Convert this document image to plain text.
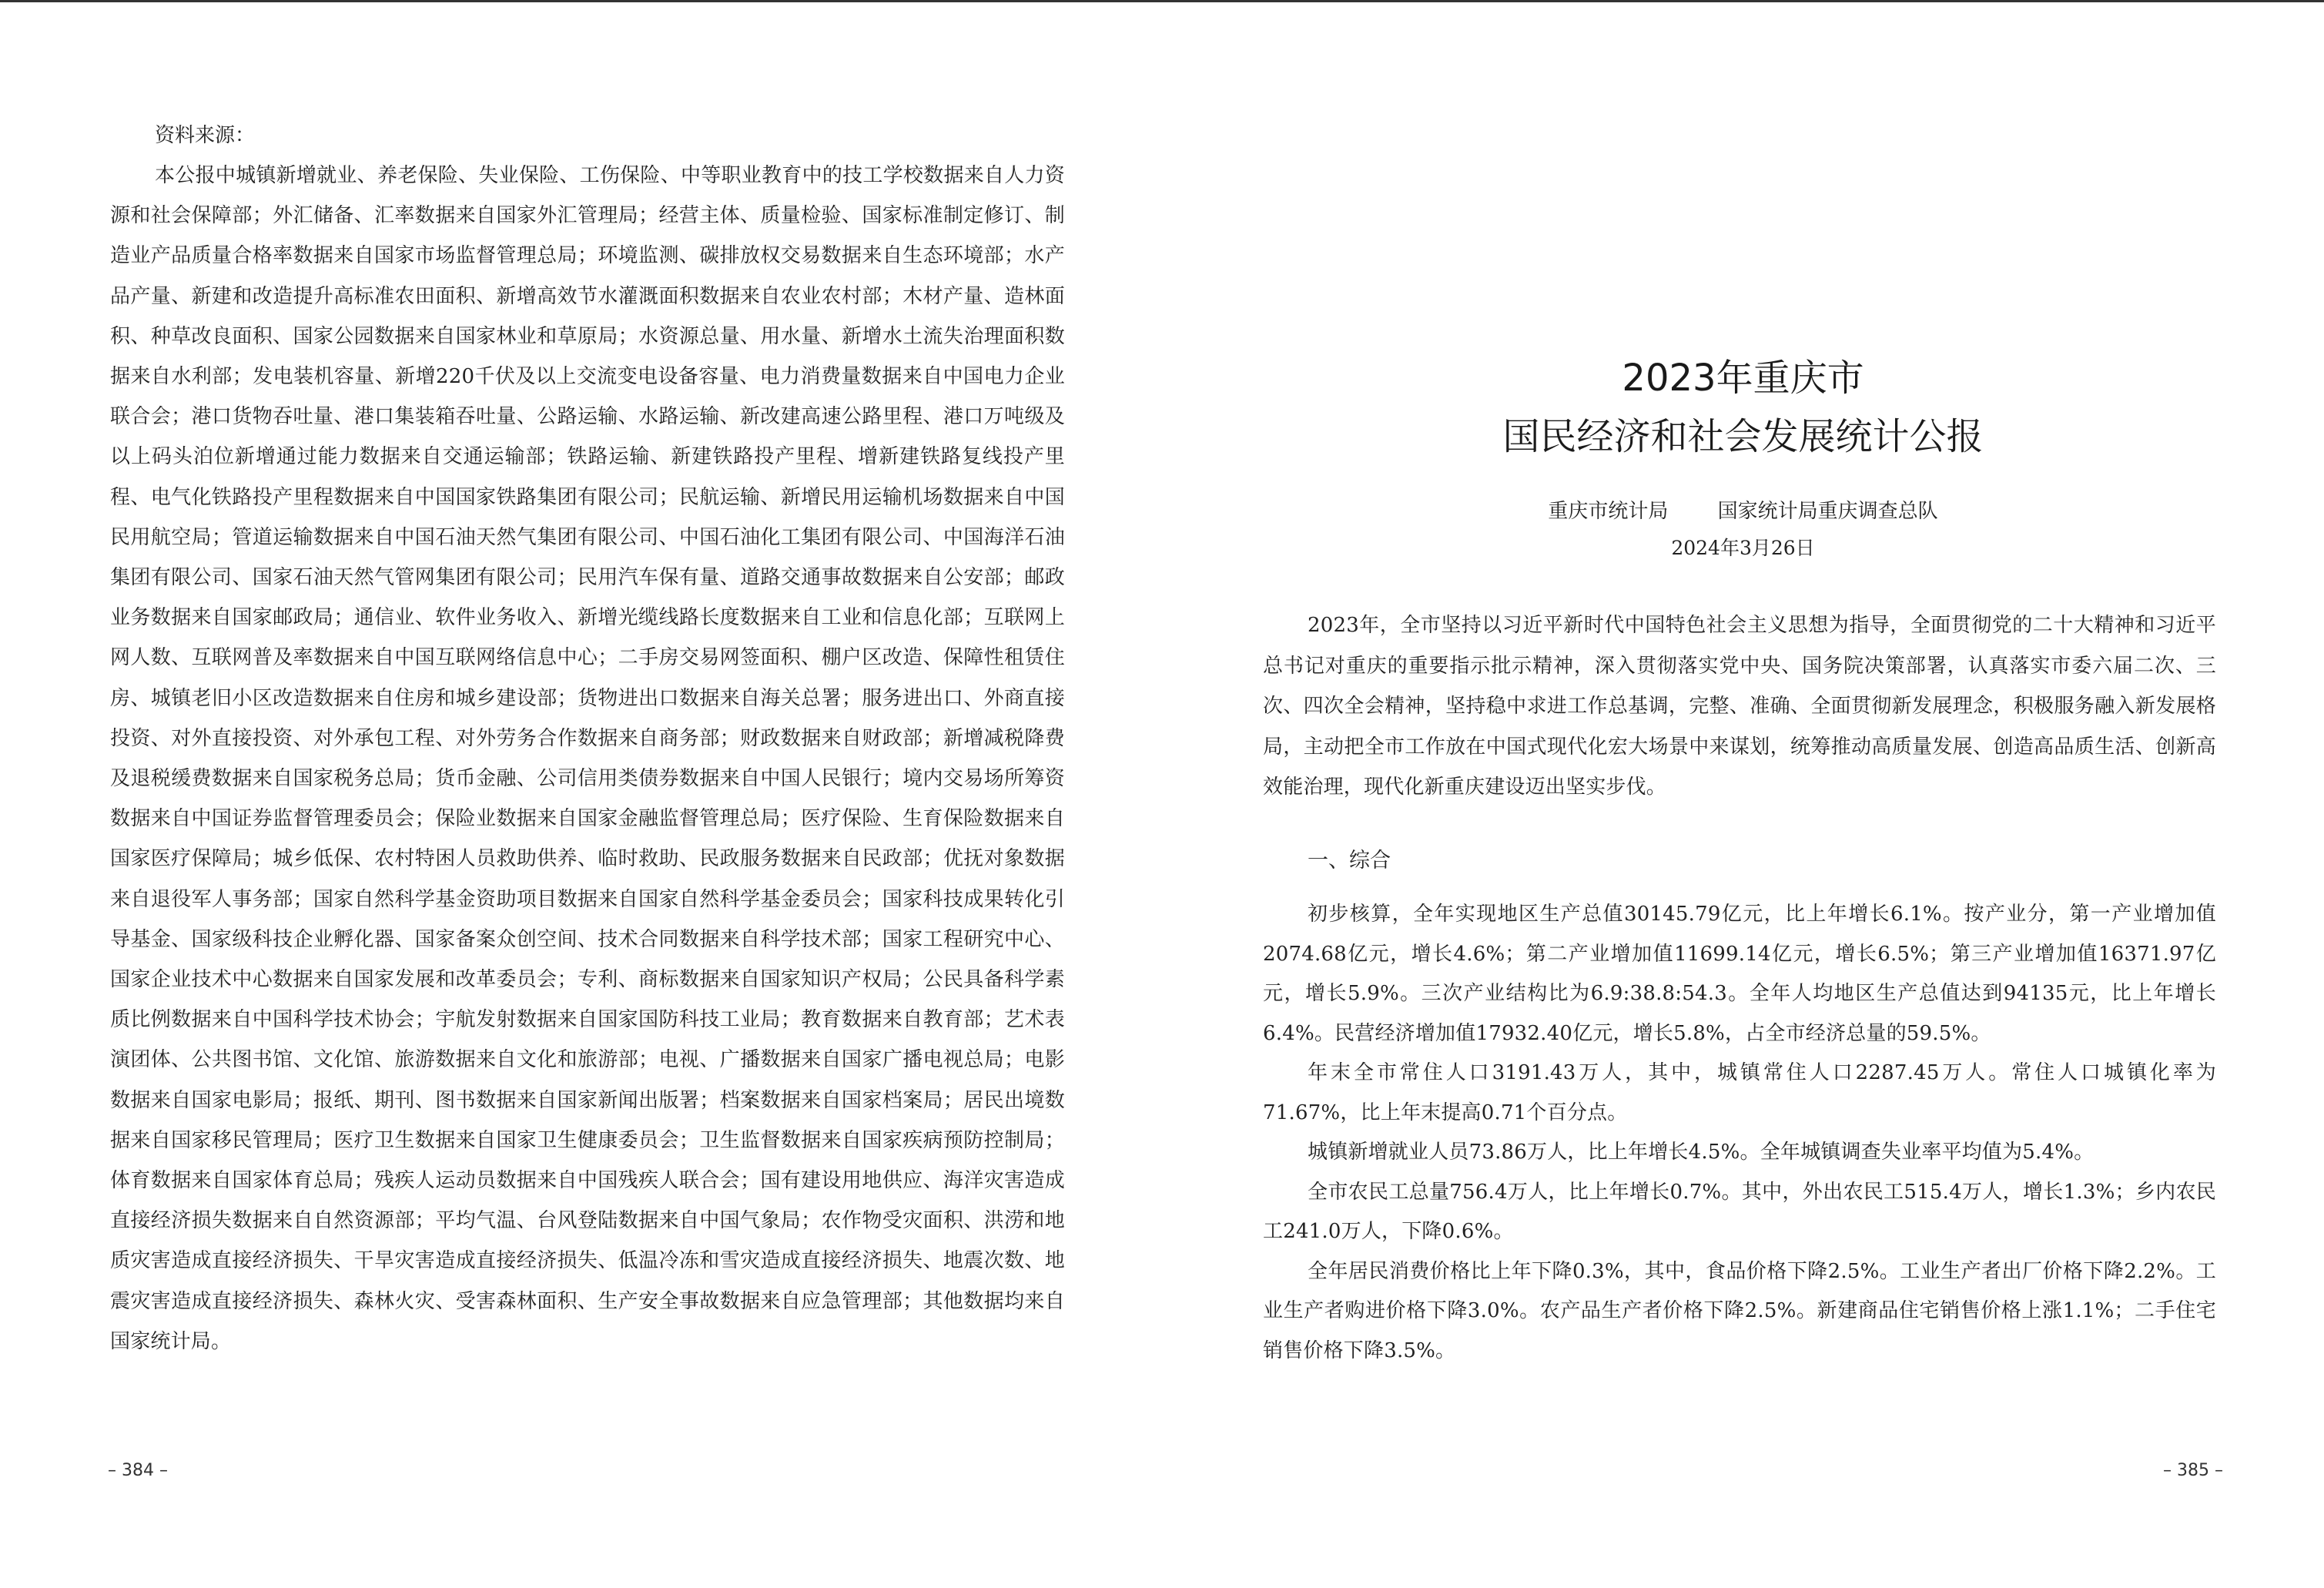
资料来源：

本公报中城镇新增就业、养老保险、失业保险、工伤保险、中等职业教育中的技工学校数据来自人力资源和社会保障部；外汇储备、汇率数据来自国家外汇管理局；经营主体、质量检验、国家标准制定修订、制造业产品质量合格率数据来自国家市场监督管理总局；环境监测、碳排放权交易数据来自生态环境部；水产品产量、新建和改造提升高标准农田面积、新增高效节水灌溉面积数据来自农业农村部；木材产量、造林面积、种草改良面积、国家公园数据来自国家林业和草原局；水资源总量、用水量、新增水土流失治理面积数据来自水利部；发电装机容量、新增220千伏及以上交流变电设备容量、电力消费量数据来自中国电力企业联合会；港口货物吞吐量、港口集装箱吞吐量、公路运输、水路运输、新改建高速公路里程、港口万吨级及以上码头泊位新增通过能力数据来自交通运输部；铁路运输、新建铁路投产里程、增新建铁路复线投产里程、电气化铁路投产里程数据来自中国国家铁路集团有限公司；民航运输、新增民用运输机场数据来自中国民用航空局；管道运输数据来自中国石油天然气集团有限公司、中国石油化工集团有限公司、中国海洋石油集团有限公司、国家石油天然气管网集团有限公司；民用汽车保有量、道路交通事故数据来自公安部；邮政业务数据来自国家邮政局；通信业、软件业务收入、新增光缆线路长度数据来自工业和信息化部；互联网上网人数、互联网普及率数据来自中国互联网络信息中心；二手房交易网签面积、棚户区改造、保障性租赁住房、城镇老旧小区改造数据来自住房和城乡建设部；货物进出口数据来自海关总署；服务进出口、外商直接投资、对外直接投资、对外承包工程、对外劳务合作数据来自商务部；财政数据来自财政部；新增减税降费及退税缓费数据来自国家税务总局；货币金融、公司信用类债券数据来自中国人民银行；境内交易场所筹资数据来自中国证券监督管理委员会；保险业数据来自国家金融监督管理总局；医疗保险、生育保险数据来自国家医疗保障局；城乡低保、农村特困人员救助供养、临时救助、民政服务数据来自民政部；优抚对象数据来自退役军人事务部；国家自然科学基金资助项目数据来自国家自然科学基金委员会；国家科技成果转化引导基金、国家级科技企业孵化器、国家备案众创空间、技术合同数据来自科学技术部；国家工程研究中心、国家企业技术中心数据来自国家发展和改革委员会；专利、商标数据来自国家知识产权局；公民具备科学素质比例数据来自中国科学技术协会；宇航发射数据来自国家国防科技工业局；教育数据来自教育部；艺术表演团体、公共图书馆、文化馆、旅游数据来自文化和旅游部；电视、广播数据来自国家广播电视总局；电影数据来自国家电影局；报纸、期刊、图书数据来自国家新闻出版署；档案数据来自国家档案局；居民出境数据来自国家移民管理局；医疗卫生数据来自国家卫生健康委员会；卫生监督数据来自国家疾病预防控制局；体育数据来自国家体育总局；残疾人运动员数据来自中国残疾人联合会；国有建设用地供应、海洋灾害造成直接经济损失数据来自自然资源部；平均气温、台风登陆数据来自中国气象局；农作物受灾面积、洪涝和地质灾害造成直接经济损失、干旱灾害造成直接经济损失、低温冷冻和雪灾造成直接经济损失、地震次数、地震灾害造成直接经济损失、森林火灾、受害森林面积、生产安全事故数据来自应急管理部；其他数据均来自国家统计局。

– 384 –
2023年重庆市
国民经济和社会发展统计公报
重庆市统计局 国家统计局重庆调查总队
2024年3月26日

2023年，全市坚持以习近平新时代中国特色社会主义思想为指导，全面贯彻党的二十大精神和习近平总书记对重庆的重要指示批示精神，深入贯彻落实党中央、国务院决策部署，认真落实市委六届二次、三次、四次全会精神，坚持稳中求进工作总基调，完整、准确、全面贯彻新发展理念，积极服务融入新发展格局，主动把全市工作放在中国式现代化宏大场景中来谋划，统筹推动高质量发展、创造高品质生活、创新高效能治理，现代化新重庆建设迈出坚实步伐。

一、综合

初步核算，全年实现地区生产总值30145.79亿元，比上年增长6.1%。按产业分，第一产业增加值2074.68亿元，增长4.6%；第二产业增加值11699.14亿元，增长6.5%；第三产业增加值16371.97亿元，增长5.9%。三次产业结构比为6.9:38.8:54.3。全年人均地区生产总值达到94135元，比上年增长6.4%。民营经济增加值17932.40亿元，增长5.8%，占全市经济总量的59.5%。

年末全市常住人口3191.43万人，其中，城镇常住人口2287.45万人。常住人口城镇化率为71.67%，比上年末提高0.71个百分点。

城镇新增就业人员73.86万人，比上年增长4.5%。全年城镇调查失业率平均值为5.4%。

全市农民工总量756.4万人，比上年增长0.7%。其中，外出农民工515.4万人，增长1.3%；乡内农民工241.0万人，下降0.6%。

全年居民消费价格比上年下降0.3%，其中，食品价格下降2.5%。工业生产者出厂价格下降2.2%。工业生产者购进价格下降3.0%。农产品生产者价格下降2.5%。新建商品住宅销售价格上涨1.1%；二手住宅销售价格下降3.5%。

– 385 –
